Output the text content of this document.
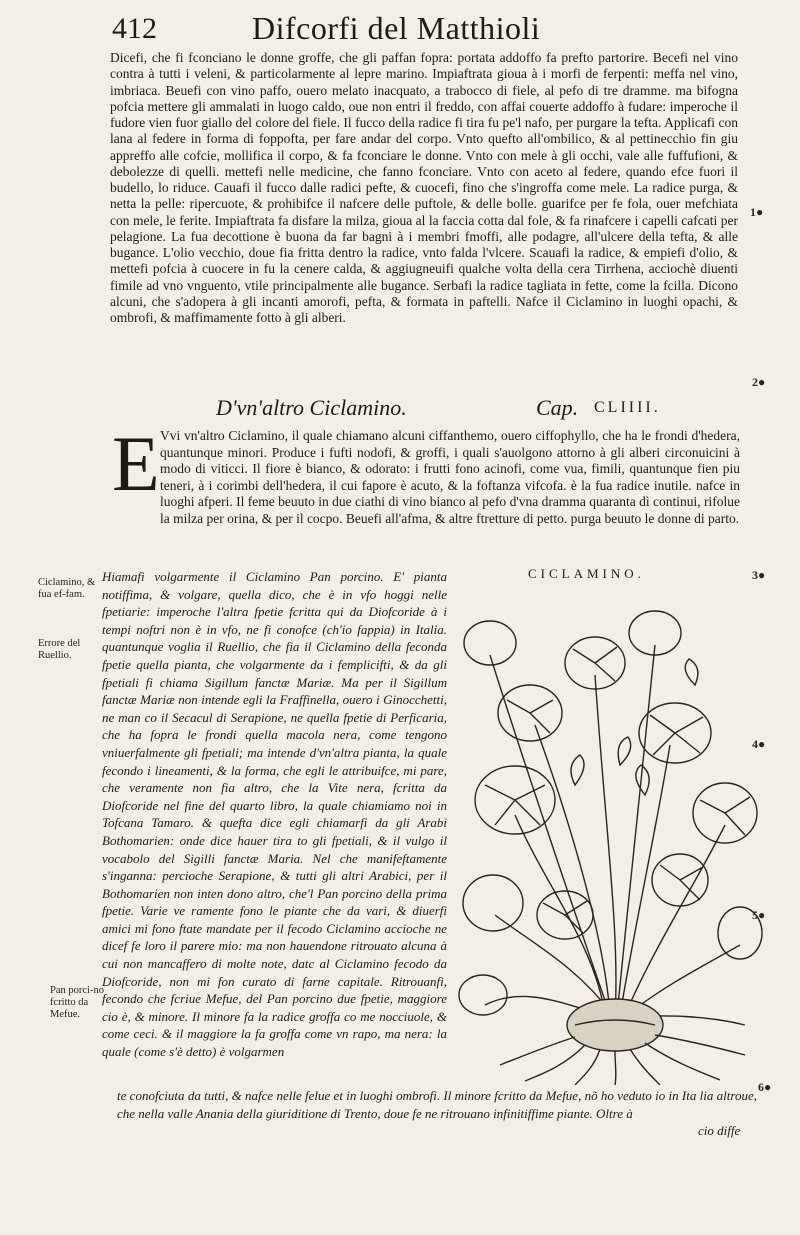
412	Difcorfi del Matthioli

Dicefi, che fi fconciano le donne groffe, che gli paffan fopra: portata addoffo fa prefto partorire. Becefi nel vino contra à tutti i veleni, & particolarmente al lepre marino. Impiaftrata gioua à i morfi de ferpenti: meffa nel vino, imbriaca. Beuefi con vino paffo, ouero melato inacquato, a trabocco di fiele, al pefo di tre dramme. ma bifogna pofcia mettere gli ammalati in luogo caldo, oue non entri il freddo, con affai couerte addoffo à fudare: imperoche il fudore vien fuor giallo del colore del fiele. Il fucco della radice fi tira fu pe'l nafo, per purgare la tefta. Applicafi con lana al federe in forma di foppofta, per fare andar del corpo. Vnto quefto all'ombilico, & al pettinecchio fin giu appreffo alle cofcie, mollifica il corpo, & fa fconciare le donne. Vnto con mele à gli occhi, vale alle fuffufioni, & debolezze di quelli. mettefi nelle medicine, che fanno fconciare. Vnto con aceto al federe, quando efce fuori il budello, lo riduce. Cauafi il fucco dalle radici pefte, & cuocefi, fino che s'ingroffa come mele. La radice purga, & netta la pelle: ripercuote, & prohibifce il nafcere delle puftole, & delle bolle. guarifce per fe fola, ouer mefchiata con mele, le ferite. Impiaftrata fa disfare la milza, gioua al la faccia cotta dal fole, & fa rinafcere i capelli cafcati per pelagione. La fua decottione è buona da far bagni à i membri fmoffi, alle podagre, all'ulcere della tefta, & alle bugance. L'olio vecchio, doue fia fritta dentro la radice, vnto falda l'vlcere. Scauafi la radice, & empiefi d'olio, & mettefi pofcia à cuocere in fu la cenere calda, & aggiugneuifi qualche volta della cera Tirrhena, acciochè diuenti fimile ad vno vnguento, vtile principalmente alle bugance. Serbafi la radice tagliata in fette, come la fcilla. Dicono alcuni, che s'adopera à gli incanti amorofi, pefta, & formata in paftelli. Nafce il Ciclamino in luoghi opachi, & ombrofi, & maffimamente fotto à gli alberi.

D'vn'altro Ciclamino.	Cap. CLIIII.
E Vvi vn'altro Ciclamino, il quale chiamano alcuni ciffanthemo, ouero ciffophyllo, che ha le frondi d'hedera, quantunque minori. Produce i fufti nodofi, & groffi, i quali s'auolgono attorno à gli alberi circonuicini à modo di viticci. Il fiore è bianco, & odorato: i frutti fono acinofi, come vua, fimili, quantunque fien piu teneri, à i corimbi dell'hedera, il cui fapore è acuto, & la foftanza vifcofa. è la fua radice inutile. nafce in luoghi afperi. Il feme beuuto in due ciathi di vino bianco al pefo d'vna dramma quaranta dì continui, rifolue la milza per orina, & per il cocpo. Beuefi all'afma, & altre ftretture di petto. purga beuuto le donne di parto.

CICLAMINO.

Hiamafi volgarmente il Ciclamino Pan porcino. E' pianta notiffima, & volgare, quella dico, che è in vfo hoggi nelle fpetiarie: imperoche l'altra fpetie fcritta qui da Diofcoride à i tempi noftri non è in vfo, ne fi conofce (ch'io fappia) in Italia. quantunque voglia il Ruellio, che fia il Ciclamino della feconda fpetie quella pianta, che volgarmente da i femplicifti, & da gli fpetiali fi chiama Sigillum fanctæ Mariæ. Ma per il Sigillum fanctæ Mariæ non intende egli la Fraffinella, ouero i Ginocchetti, ne man co il Secacul di Serapione, ne quella fpetie di Perficaria, che ha fopra le frondi quella macola nera, come tengono vniuerfalmente gli fpetiali; ma intende d'vn'altra pianta, la quale fecondo i lineamenti, & la forma, che egli le attribuifce, mi pare, che veramente non fia altro, che la Vite nera, fcritta da Diofcoride nel fine del quarto libro, la quale chiamiamo noi in Tofcana Tamaro. & quefta dice egli chiamarfi da gli Arabi Bothomarien: onde dice hauer tira to gli fpetiali, & il vulgo il vocabolo del Sigilli fanctæ Maria. Nel che manifeftamente s'inganna: percioche Serapione, & tutti gli altri Arabici, per il Bothomarien non inten dono altro, che'l Pan porcino della prima fpetie. Varie ve ramente fono le piante che da vari, & diuerfi amici mi fono ftate mandate per il fecodo Ciclamino accioche ne dicef fe loro il parere mio: ma non hauendone ritrouato alcuna à cui non mancaffero di molte note, datc al Ciclamino fecodo da Diofcoride, non mi fon curato di farne capitale. Ritrouanfi, fecondo che fcriue Mefue, del Pan porcino due fpetie, maggiore cio è, & minore. Il minore fa la radice groffa co me nocciuole, & come ceci. & il maggiore la fa groffa come vn rapo, ma nera: la quale (come s'è detto) è volgarmen

te conofciuta da tutti, & nafce nelle felue et in luoghi ombrofi. Il minore fcritto da Mefue, nõ ho veduto io in Ita lia altroue, che nella valle Anania della giuriditione di Trento, doue fe ne ritrouano infinitiffime piante. Oltre à

cio diffe

Ciclamino, & fua ef-fam.

Errore del Ruellio.

Pan porci-no fcritto da Mefue.

1●
2●
3●
4●
5●
6●
